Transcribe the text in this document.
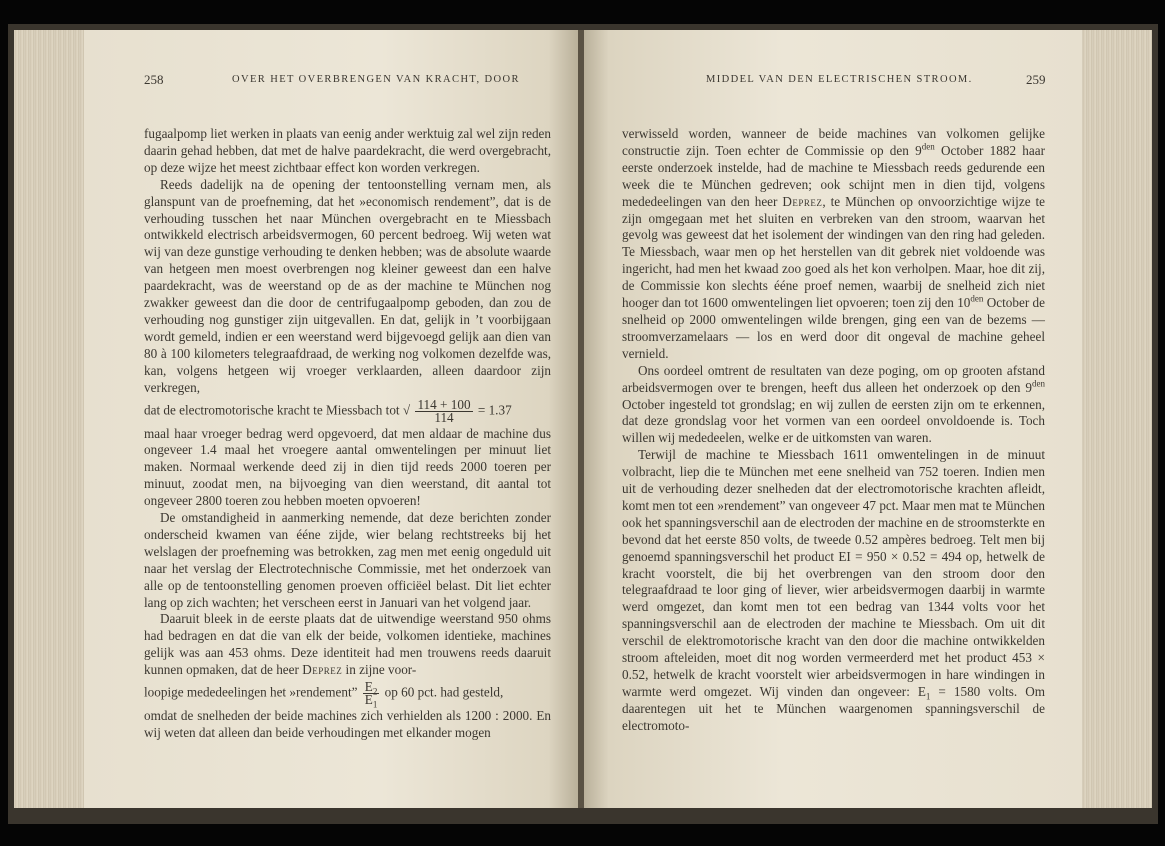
258	OVER HET OVERBRENGEN VAN KRACHT, DOOR

fugaalpomp liet werken in plaats van eenig ander werktuig zal wel zijn reden daarin gehad hebben, dat met de halve paardekracht, die werd overgebracht, op deze wijze het meest zichtbaar effect kon worden verkregen.

Reeds dadelijk na de opening der tentoonstelling vernam men, als glanspunt van de proefneming, dat het »economisch rendement”, dat is de verhouding tusschen het naar München overgebracht en te Miessbach ontwikkeld electrisch arbeidsvermogen, 60 percent bedroeg. Wij weten wat wij van deze gunstige verhouding te denken hebben; was de absolute waarde van hetgeen men moest overbrengen nog kleiner geweest dan een halve paardekracht, was de weerstand op de as der machine te München nog zwakker geweest dan die door de centrifugaalpomp geboden, dan zou de verhouding nog gunstiger zijn uitgevallen. En dat, gelijk in ’t voorbijgaan wordt gemeld, indien er een weerstand werd bijgevoegd gelijk aan dien van 80 à 100 kilometers telegraafdraad, de werking nog volkomen dezelfde was, kan, volgens hetgeen wij vroeger verklaarden, alleen daardoor zijn verkregen,

dat de electromotorische kracht te Miessbach tot √ $\frac{114 + 100}{114} = 1.37$

maal haar vroeger bedrag werd opgevoerd, dat men aldaar de machine dus ongeveer 1.4 maal het vroegere aantal omwentelingen per minuut liet maken. Normaal werkende deed zij in dien tijd reeds 2000 toeren per minuut, zoodat men, na bijvoeging van dien weerstand, dit aantal tot ongeveer 2800 toeren zou hebben moeten opvoeren!

De omstandigheid in aanmerking nemende, dat deze berichten zonder onderscheid kwamen van ééne zijde, wier belang rechtstreeks bij het welslagen der proefneming was betrokken, zag men met eenig ongeduld uit naar het verslag der Electrotechnische Commissie, met het onderzoek van alle op de tentoonstelling genomen proeven officiëel belast. Dit liet echter lang op zich wachten; het verscheen eerst in Januari van het volgend jaar.

Daaruit bleek in de eerste plaats dat de uitwendige weerstand 950 ohms had bedragen en dat die van elk der beide, volkomen identieke, machines gelijk was aan 453 ohms. Deze identiteit had men trouwens reeds daaruit kunnen opmaken, dat de heer Deprez in zijne voor-

loopige mededeelingen het »rendement” $\frac{E_2}{E_1}$ op 60 pct. had gesteld,

omdat de snelheden der beide machines zich verhielden als 1200 : 2000. En wij weten dat alleen dan beide verhoudingen met elkander mogen

MIDDEL VAN DEN ELECTRISCHEN STROOM.	259

verwisseld worden, wanneer de beide machines van volkomen gelijke constructie zijn. Toen echter de Commissie op den $9^{den}$ October 1882 haar eerste onderzoek instelde, had de machine te Miessbach reeds gedurende een week die te München gedreven; ook schijnt men in dien tijd, volgens mededeelingen van den heer Deprez, te München op onvoorzichtige wijze te zijn omgegaan met het sluiten en verbreken van den stroom, waarvan het gevolg was geweest dat het isolement der windingen van den ring had geleden. Te Miessbach, waar men op het herstellen van dit gebrek niet voldoende was ingericht, had men het kwaad zoo goed als het kon verholpen. Maar, hoe dit zij, de Commissie kon slechts ééne proef nemen, waarbij de snelheid zich niet hooger dan tot 1600 omwentelingen liet opvoeren; toen zij den $10^{den}$ October de snelheid op 2000 omwentelingen wilde brengen, ging een van de bezems — stroomverzamelaars — los en werd door dit ongeval de machine geheel vernield.

Ons oordeel omtrent de resultaten van deze poging, om op grooten afstand arbeidsvermogen over te brengen, heeft dus alleen het onderzoek op den $9^{den}$ October ingesteld tot grondslag; en wij zullen de eersten zijn om te erkennen, dat deze grondslag voor het vormen van een oordeel onvoldoende is. Toch willen wij mededeelen, welke er de uitkomsten van waren.

Terwijl de machine te Miessbach 1611 omwentelingen in de minuut volbracht, liep die te München met eene snelheid van 752 toeren. Indien men uit de verhouding dezer snelheden dat der electromotorische krachten afleidt, komt men tot een »rendement” van ongeveer 47 pct. Maar men mat te München ook het spanningsverschil aan de electroden der machine en de stroomsterkte en bevond dat het eerste 850 volts, de tweede 0.52 ampères bedroeg. Telt men bij genoemd spanningsverschil het product EI = 950 × 0.52 = 494 op, hetwelk de kracht voorstelt, die bij het overbrengen van den stroom door den telegraafdraad te loor ging of liever, wier arbeidsvermogen daarbij in warmte werd omgezet, dan komt men tot een bedrag van 1344 volts voor het spanningsverschil aan de electroden der machine te Miessbach. Om uit dit verschil de elektromotorische kracht van den door die machine ontwikkelden stroom afteleiden, moet dit nog worden vermeerderd met het product 453 × 0.52, hetwelk de kracht voorstelt wier arbeidsvermogen in hare windingen in warmte werd omgezet. Wij vinden dan ongeveer: $E_1 = 1580$ volts. Om daarentegen uit het te München waargenomen spanningsverschil de electromoto-
